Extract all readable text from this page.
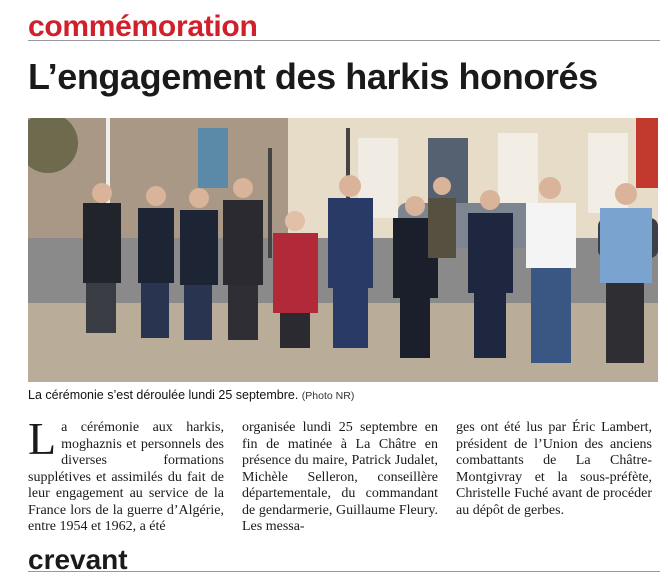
commémoration
L’engagement des harkis honorés
La cérémonie s’est déroulée lundi 25 septembre. (Photo NR)

La cérémonie aux harkis, moghaznis et personnels des diverses formations supplétives et assimilés du fait de leur engagement au service de la France lors de la guerre d’Algérie, entre 1954 et 1962, a été

organisée lundi 25 septembre en fin de matinée à La Châtre en présence du maire, Patrick Judalet, Michèle Selleron, conseillère départementale, du commandant de gendarmerie, Guillaume Fleury. Les messa-

ges ont été lus par Éric Lambert, président de l’Union des anciens combattants de La Châtre-Montgivray et la sous-préfète, Christelle Fuché avant de procéder au dépôt de gerbes.

crevant
